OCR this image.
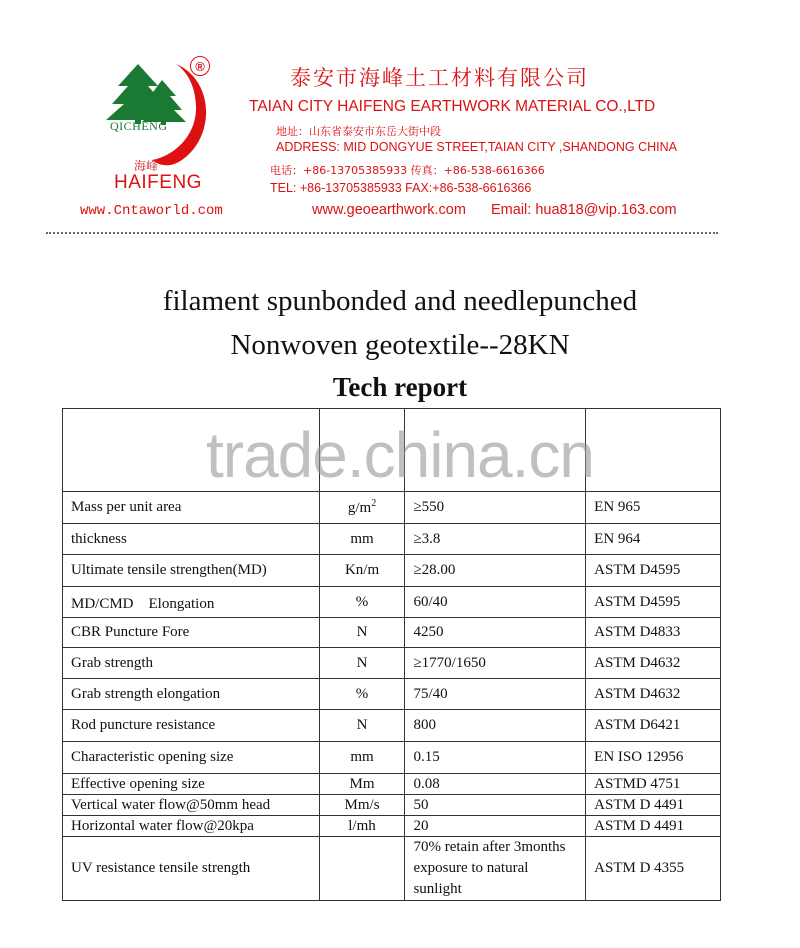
®
QICHENG
海峰
HAIFENG
www.Cntaworld.com
泰安市海峰土工材料有限公司
TAIAN CITY HAIFENG EARTHWORK MATERIAL CO.,LTD
地址：山东省泰安市东岳大街中段
ADDRESS: MID DONGYUE STREET,TAIAN CITY ,SHANDONG CHINA
电话：+86-13705385933 传真：+86-538-6616366
TEL: +86-13705385933 FAX:+86-538-6616366
www.geoearthwork.com Email: hua818@vip.163.com
filament spunbonded and needlepunched
Nonwoven geotextile--28KN
Tech report

Mass per unit area	$g/m^2$	≥550	EN 965
thickness	mm	≥3.8	EN 964
Ultimate tensile strengthen(MD)	Kn/m	≥28.00	ASTM D4595
MD/CMD　Elongation	%	60/40	ASTM D4595
CBR Puncture Fore	N	4250	ASTM D4833
Grab strength	N	≥1770/1650	ASTM D4632
Grab strength elongation	%	75/40	ASTM D4632
Rod puncture resistance	N	800	ASTM D6421
Characteristic opening size	mm	0.15	EN ISO 12956
Effective opening size	Mm	0.08	ASTMD 4751
Vertical water flow@50mm head	Mm/s	50	ASTM D 4491
Horizontal water flow@20kpa	l/mh	20	ASTM D 4491
UV resistance tensile strength		70% retain after 3months exposure to natural sunlight	ASTM D 4355
trade.china.cn
